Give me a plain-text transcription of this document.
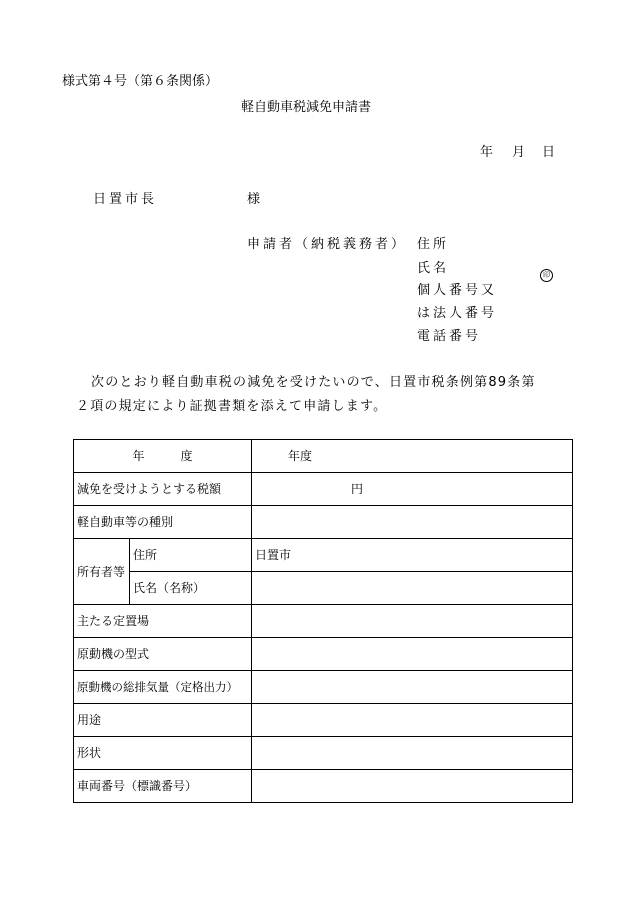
様式第４号（第６条関係）
軽自動車税減免申請書
年 月 日
日置市長	様
申請者（納税義務者） 住所
氏名	印
個人番号又
は法人番号
電話番号
次のとおり軽自動車税の減免を受けたいので、日置市税条例第89条第
２項の規定により証拠書類を添えて申請します。
年　　　度		年度
減免を受けようとする税額		円
軽自動車等の種別		
所有者等	住所	日置市
	氏名（名称）	
主たる定置場		
原動機の型式		
原動機の総排気量（定格出力）		
用途		
形状		
車両番号（標識番号）		
